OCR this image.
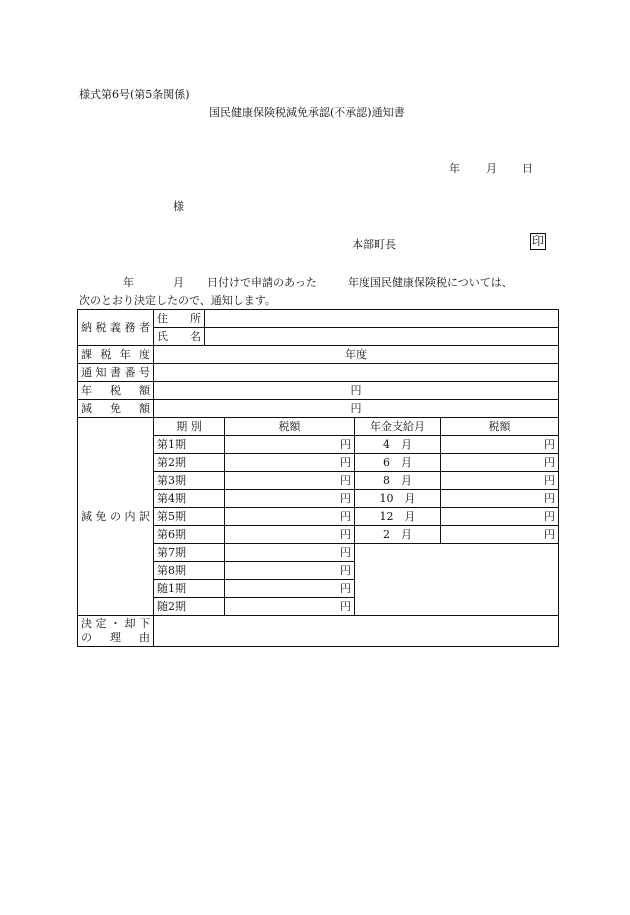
様式第6号(第5条関係)
国民健康保険税減免承認(不承認)通知書
年 月 日
様
本部町長	印
年	月 日付けで申請のあった	年度国民健康保険税については、
次のとおり決定したので、通知します。
納税義務者	住　所				
	氏　名				
課税年度	年度				
通知書番号					
年税額	円				
減免額	円				
減免の内訳	期 別		税額	年金支給月	税額
	第1期		円	4　月	円
	第2期		円	6　月	円
	第3期		円	8　月	円
	第4期		円	10　月	円
	第5期		円	12　月	円
	第6期		円	2　月	円
	第7期		円		
	第8期		円		
	随1期		円		
	随2期		円		

決定・却下
の　理　由					
